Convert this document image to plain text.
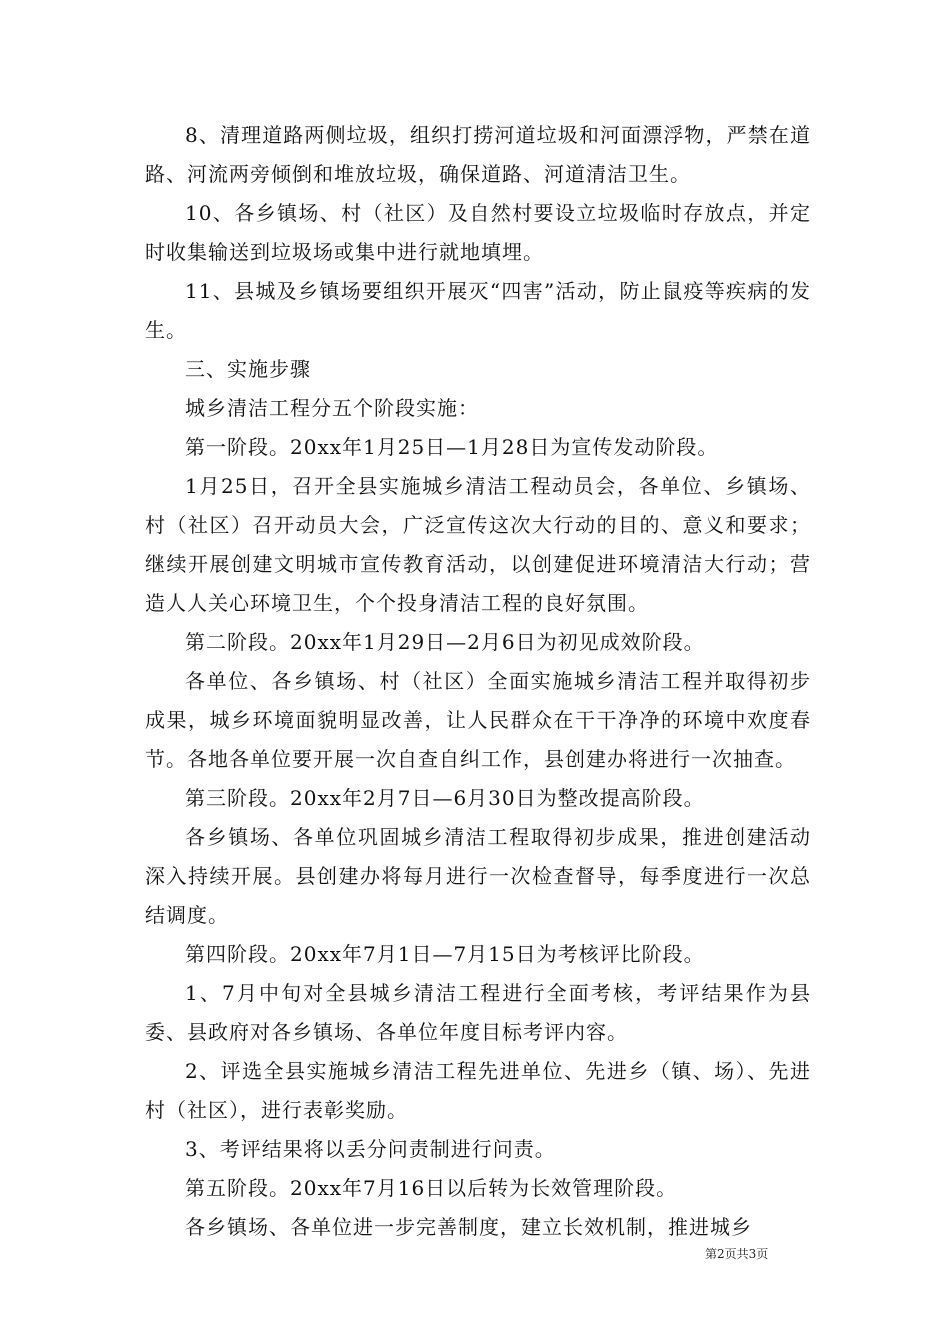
8、清理道路两侧垃圾，组织打捞河道垃圾和河面漂浮物，严禁在道路、河流两旁倾倒和堆放垃圾，确保道路、河道清洁卫生。

10、各乡镇场、村（社区）及自然村要设立垃圾临时存放点，并定时收集输送到垃圾场或集中进行就地填埋。

11、县城及乡镇场要组织开展灭“四害”活动，防止鼠疫等疾病的发生。

三、实施步骤

城乡清洁工程分五个阶段实施：

第一阶段。20xx年1月25日—1月28日为宣传发动阶段。

1月25日，召开全县实施城乡清洁工程动员会，各单位、乡镇场、村（社区）召开动员大会，广泛宣传这次大行动的目的、意义和要求；继续开展创建文明城市宣传教育活动，以创建促进环境清洁大行动；营造人人关心环境卫生，个个投身清洁工程的良好氛围。

第二阶段。20xx年1月29日—2月6日为初见成效阶段。

各单位、各乡镇场、村（社区）全面实施城乡清洁工程并取得初步成果，城乡环境面貌明显改善，让人民群众在干干净净的环境中欢度春节。各地各单位要开展一次自查自纠工作，县创建办将进行一次抽查。

第三阶段。20xx年2月7日—6月30日为整改提高阶段。

各乡镇场、各单位巩固城乡清洁工程取得初步成果，推进创建活动深入持续开展。县创建办将每月进行一次检查督导，每季度进行一次总结调度。

第四阶段。20xx年7月1日—7月15日为考核评比阶段。

1、7月中旬对全县城乡清洁工程进行全面考核，考评结果作为县委、县政府对各乡镇场、各单位年度目标考评内容。

2、评选全县实施城乡清洁工程先进单位、先进乡（镇、场）、先进村（社区），进行表彰奖励。

3、考评结果将以丢分问责制进行问责。

第五阶段。20xx年7月16日以后转为长效管理阶段。

各乡镇场、各单位进一步完善制度，建立长效机制，推进城乡

第2页共3页
